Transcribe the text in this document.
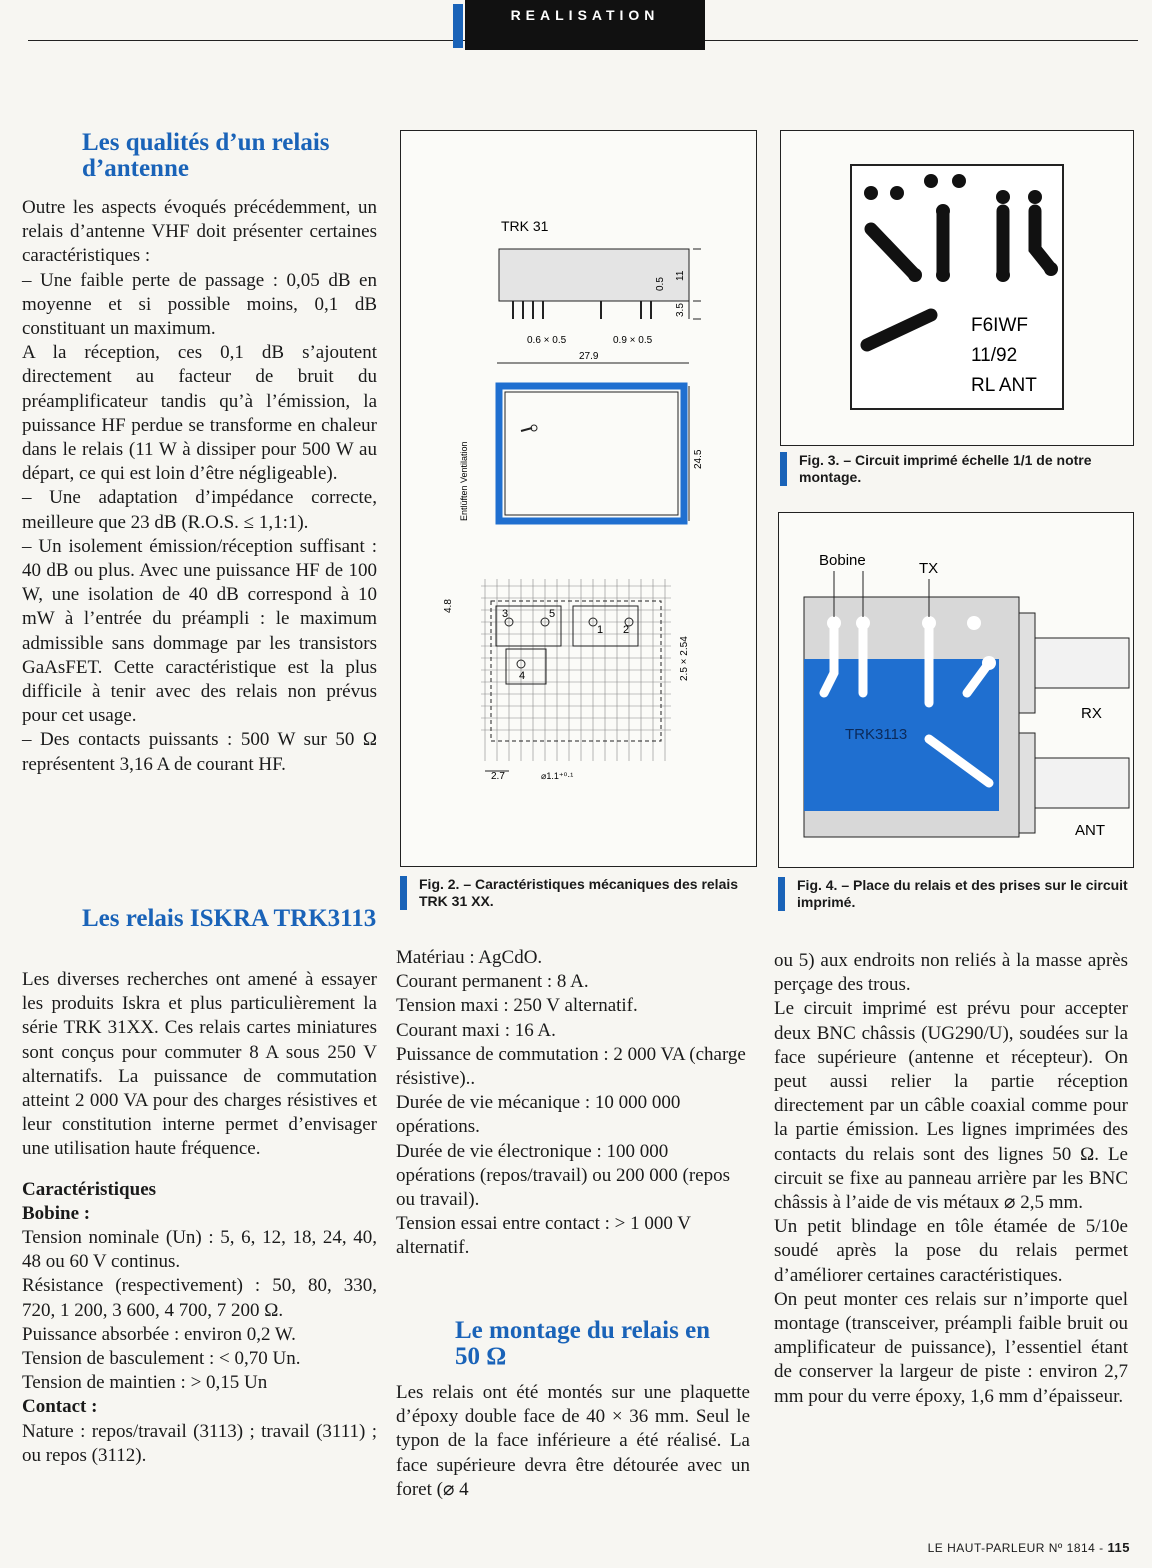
REALISATION
Les qualités d’un relais d’antenne

Outre les aspects évoqués précédemment, un relais d’antenne VHF doit présenter certaines caractéristiques :

– Une faible perte de passage : 0,05 dB en moyenne et si possible moins, 0,1 dB constituant un maximum.

A la réception, ces 0,1 dB s’ajoutent directement au facteur de bruit du préamplificateur tandis qu’à l’émission, la puissance HF perdue se transforme en chaleur dans le relais (11 W à dissiper pour 500 W au départ, ce qui est loin d’être négligeable).

– Une adaptation d’impédance correcte, meilleure que 23 dB (R.O.S. ≤ 1,1:1).

– Un isolement émission/réception suffisant : 40 dB ou plus. Avec une puissance HF de 100 W, une isolation de 40 dB correspond à 10 mW à l’entrée du préampli : le maximum admissible sans dommage par les transistors GaAsFET. Cette caractéristique est la plus difficile à tenir avec des relais non prévus pour cet usage.

– Des contacts puissants : 500 W sur 50 Ω représentent 3,16 A de courant HF.

Les relais ISKRA TRK3113

Les diverses recherches ont amené à essayer les produits Iskra et plus particulièrement la série TRK 31XX. Ces relais cartes miniatures sont conçus pour commuter 8 A sous 250 V alternatifs. La puissance de commutation atteint 2 000 VA pour des charges résistives et leur constitution interne permet d’envisager une utilisation haute fréquence.

Caractéristiques

Bobine :

Tension nominale (Un) : 5, 6, 12, 18, 24, 40, 48 ou 60 V continus.

Résistance (respectivement) : 50, 80, 330, 720, 1 200, 3 600, 4 700, 7 200 Ω.

Puissance absorbée : environ 0,2 W.

Tension de basculement : < 0,70 Un.

Tension de maintien : > 0,15 Un

Contact :

Nature : repos/travail (3113) ; travail (3111) ; ou repos (3112).

TRK 31
0.5
11
3.5
0.6 × 0.5	0.9 × 0.5
27.9
24.5
Entlüften Ventilation
3	5
1 2
4
4.8
2.5 × 2.54
2.7	⌀1.1⁺⁰·¹
Fig. 2. – Caractéristiques mécaniques des relais TRK 31 XX.

Matériau : AgCdO.

Courant permanent : 8 A.

Tension maxi : 250 V alternatif.

Courant maxi : 16 A.

Puissance de commutation : 2 000 VA (charge résistive)..

Durée de vie mécanique : 10 000 000 opérations.

Durée de vie électronique : 100 000 opérations (repos/travail) ou 200 000 (repos ou travail).

Tension essai entre contact : > 1 000 V alternatif.

Le montage du relais en 50 Ω

Les relais ont été montés sur une plaquette d’époxy double face de 40 × 36 mm. Seul le typon de la face inférieure a été réalisé. La face supérieure devra être détourée avec un foret (⌀ 4

F6IWF
11/92
RL ANT
Fig. 3. – Circuit imprimé échelle 1/1 de notre montage.
Bobine	TX
TRK3113
RX
ANT
Fig. 4. – Place du relais et des prises sur le circuit imprimé.

ou 5) aux endroits non reliés à la masse après perçage des trous.

Le circuit imprimé est prévu pour accepter deux BNC châssis (UG290/U), soudées sur la face supérieure (antenne et récepteur). On peut aussi relier la partie réception directement par un câble coaxial comme pour la partie émission. Les lignes imprimées des contacts du relais sont des lignes 50 Ω. Le circuit se fixe au panneau arrière par les BNC châssis à l’aide de vis métaux ⌀ 2,5 mm.

Un petit blindage en tôle étamée de 5/10e soudé après la pose du relais permet d’améliorer certaines caractéristiques.

On peut monter ces relais sur n’importe quel montage (transceiver, préampli faible bruit ou amplificateur de puissance), l’essentiel étant de conserver la largeur de piste : environ 2,7 mm pour du verre époxy, 1,6 mm d’épaisseur.

LE HAUT-PARLEUR Nº 1814 - 115
